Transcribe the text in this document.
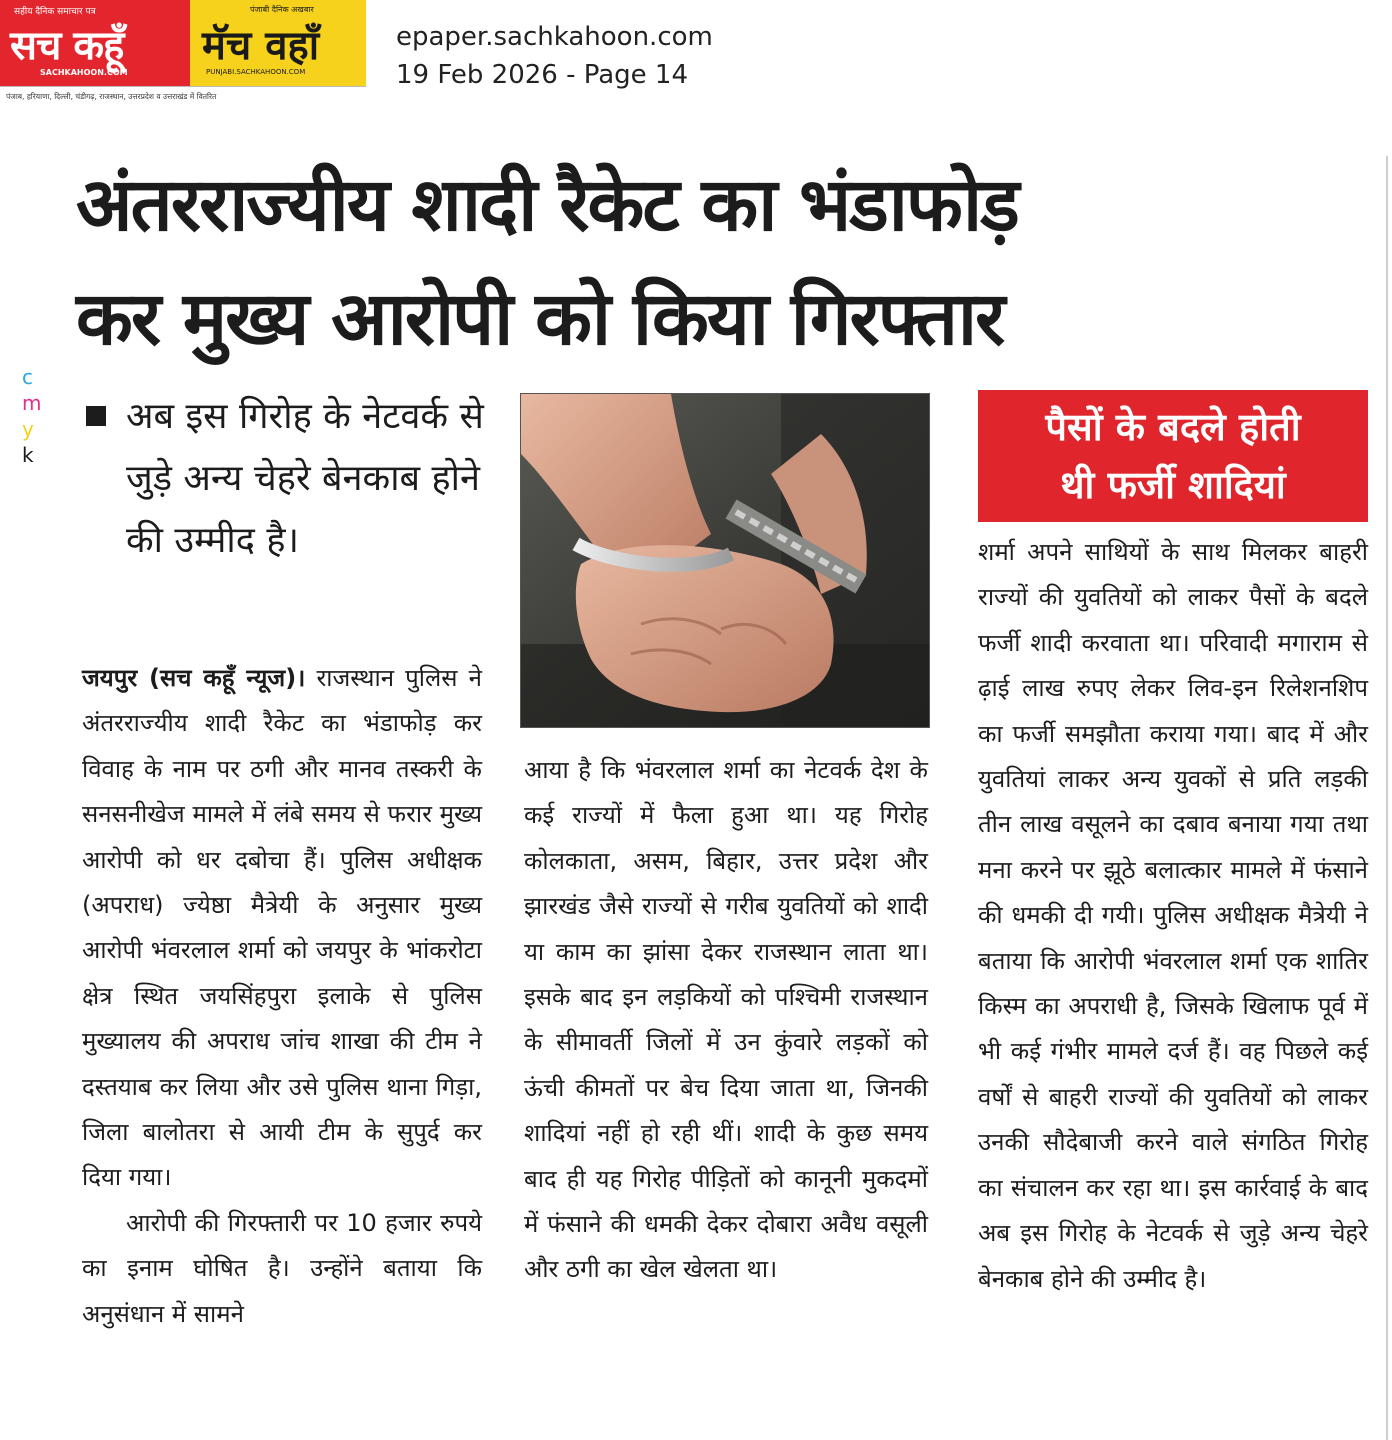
सहीय दैनिक समाचार पत्र
सच कहूँ
SACHKAHOON.COM
पंजाबी दैनिक अखबार
मॅच वहाँ
PUNJABI.SACHKAHOON.COM
पंजाब, हरियाणा, दिल्ली, चंडीगढ़, राजस्थान, उत्तरप्रदेश व उत्तराखंड में वितरित
epaper.sachkahoon.com
19 Feb 2026 - Page 14
अंतरराज्यीय शादी रैकेट का भंडाफोड़
कर मुख्य आरोपी को किया गिरफ्तार
c
m
y
k
अब इस गिरोह के नेटवर्क से जुड़े अन्य चेहरे बेनकाब होने की उम्मीद है।

जयपुर (सच कहूँ न्यूज)। राजस्थान पुलिस ने अंतरराज्यीय शादी रैकेट का भंडाफोड़ कर विवाह के नाम पर ठगी और मानव तस्करी के सनसनीखेज मामले में लंबे समय से फरार मुख्य आरोपी को धर दबोचा हैं। पुलिस अधीक्षक (अपराध) ज्येष्ठा मैत्रेयी के अनुसार मुख्य आरोपी भंवरलाल शर्मा को जयपुर के भांकरोटा क्षेत्र स्थित जयसिंहपुरा इलाके से पुलिस मुख्यालय की अपराध जांच शाखा की टीम ने दस्तयाब कर लिया और उसे पुलिस थाना गिड़ा, जिला बालोतरा से आयी टीम के सुपुर्द कर दिया गया।

आरोपी की गिरफ्तारी पर 10 हजार रुपये का इनाम घोषित है। उन्होंने बताया कि अनुसंधान में सामने

आया है कि भंवरलाल शर्मा का नेटवर्क देश के कई राज्यों में फैला हुआ था। यह गिरोह कोलकाता, असम, बिहार, उत्तर प्रदेश और झारखंड जैसे राज्यों से गरीब युवतियों को शादी या काम का झांसा देकर राजस्थान लाता था। इसके बाद इन लड़कियों को पश्चिमी राजस्थान के सीमावर्ती जिलों में उन कुंवारे लड़कों को ऊंची कीमतों पर बेच दिया जाता था, जिनकी शादियां नहीं हो रही थीं। शादी के कुछ समय बाद ही यह गिरोह पीड़ितों को कानूनी मुकदमों में फंसाने की धमकी देकर दोबारा अवैध वसूली और ठगी का खेल खेलता था।

पैसों के बदले होती
थी फर्जी शादियां

शर्मा अपने साथियों के साथ मिलकर बाहरी राज्यों की युवतियों को लाकर पैसों के बदले फर्जी शादी करवाता था। परिवादी मगाराम से ढ़ाई लाख रुपए लेकर लिव-इन रिलेशनशिप का फर्जी समझौता कराया गया। बाद में और युवतियां लाकर अन्य युवकों से प्रति लड़की तीन लाख वसूलने का दबाव बनाया गया तथा मना करने पर झूठे बलात्कार मामले में फंसाने की धमकी दी गयी। पुलिस अधीक्षक मैत्रेयी ने बताया कि आरोपी भंवरलाल शर्मा एक शातिर किस्म का अपराधी है, जिसके खिलाफ पूर्व में भी कई गंभीर मामले दर्ज हैं। वह पिछले कई वर्षों से बाहरी राज्यों की युवतियों को लाकर उनकी सौदेबाजी करने वाले संगठित गिरोह का संचालन कर रहा था। इस कार्रवाई के बाद अब इस गिरोह के नेटवर्क से जुड़े अन्य चेहरे बेनकाब होने की उम्मीद है।
